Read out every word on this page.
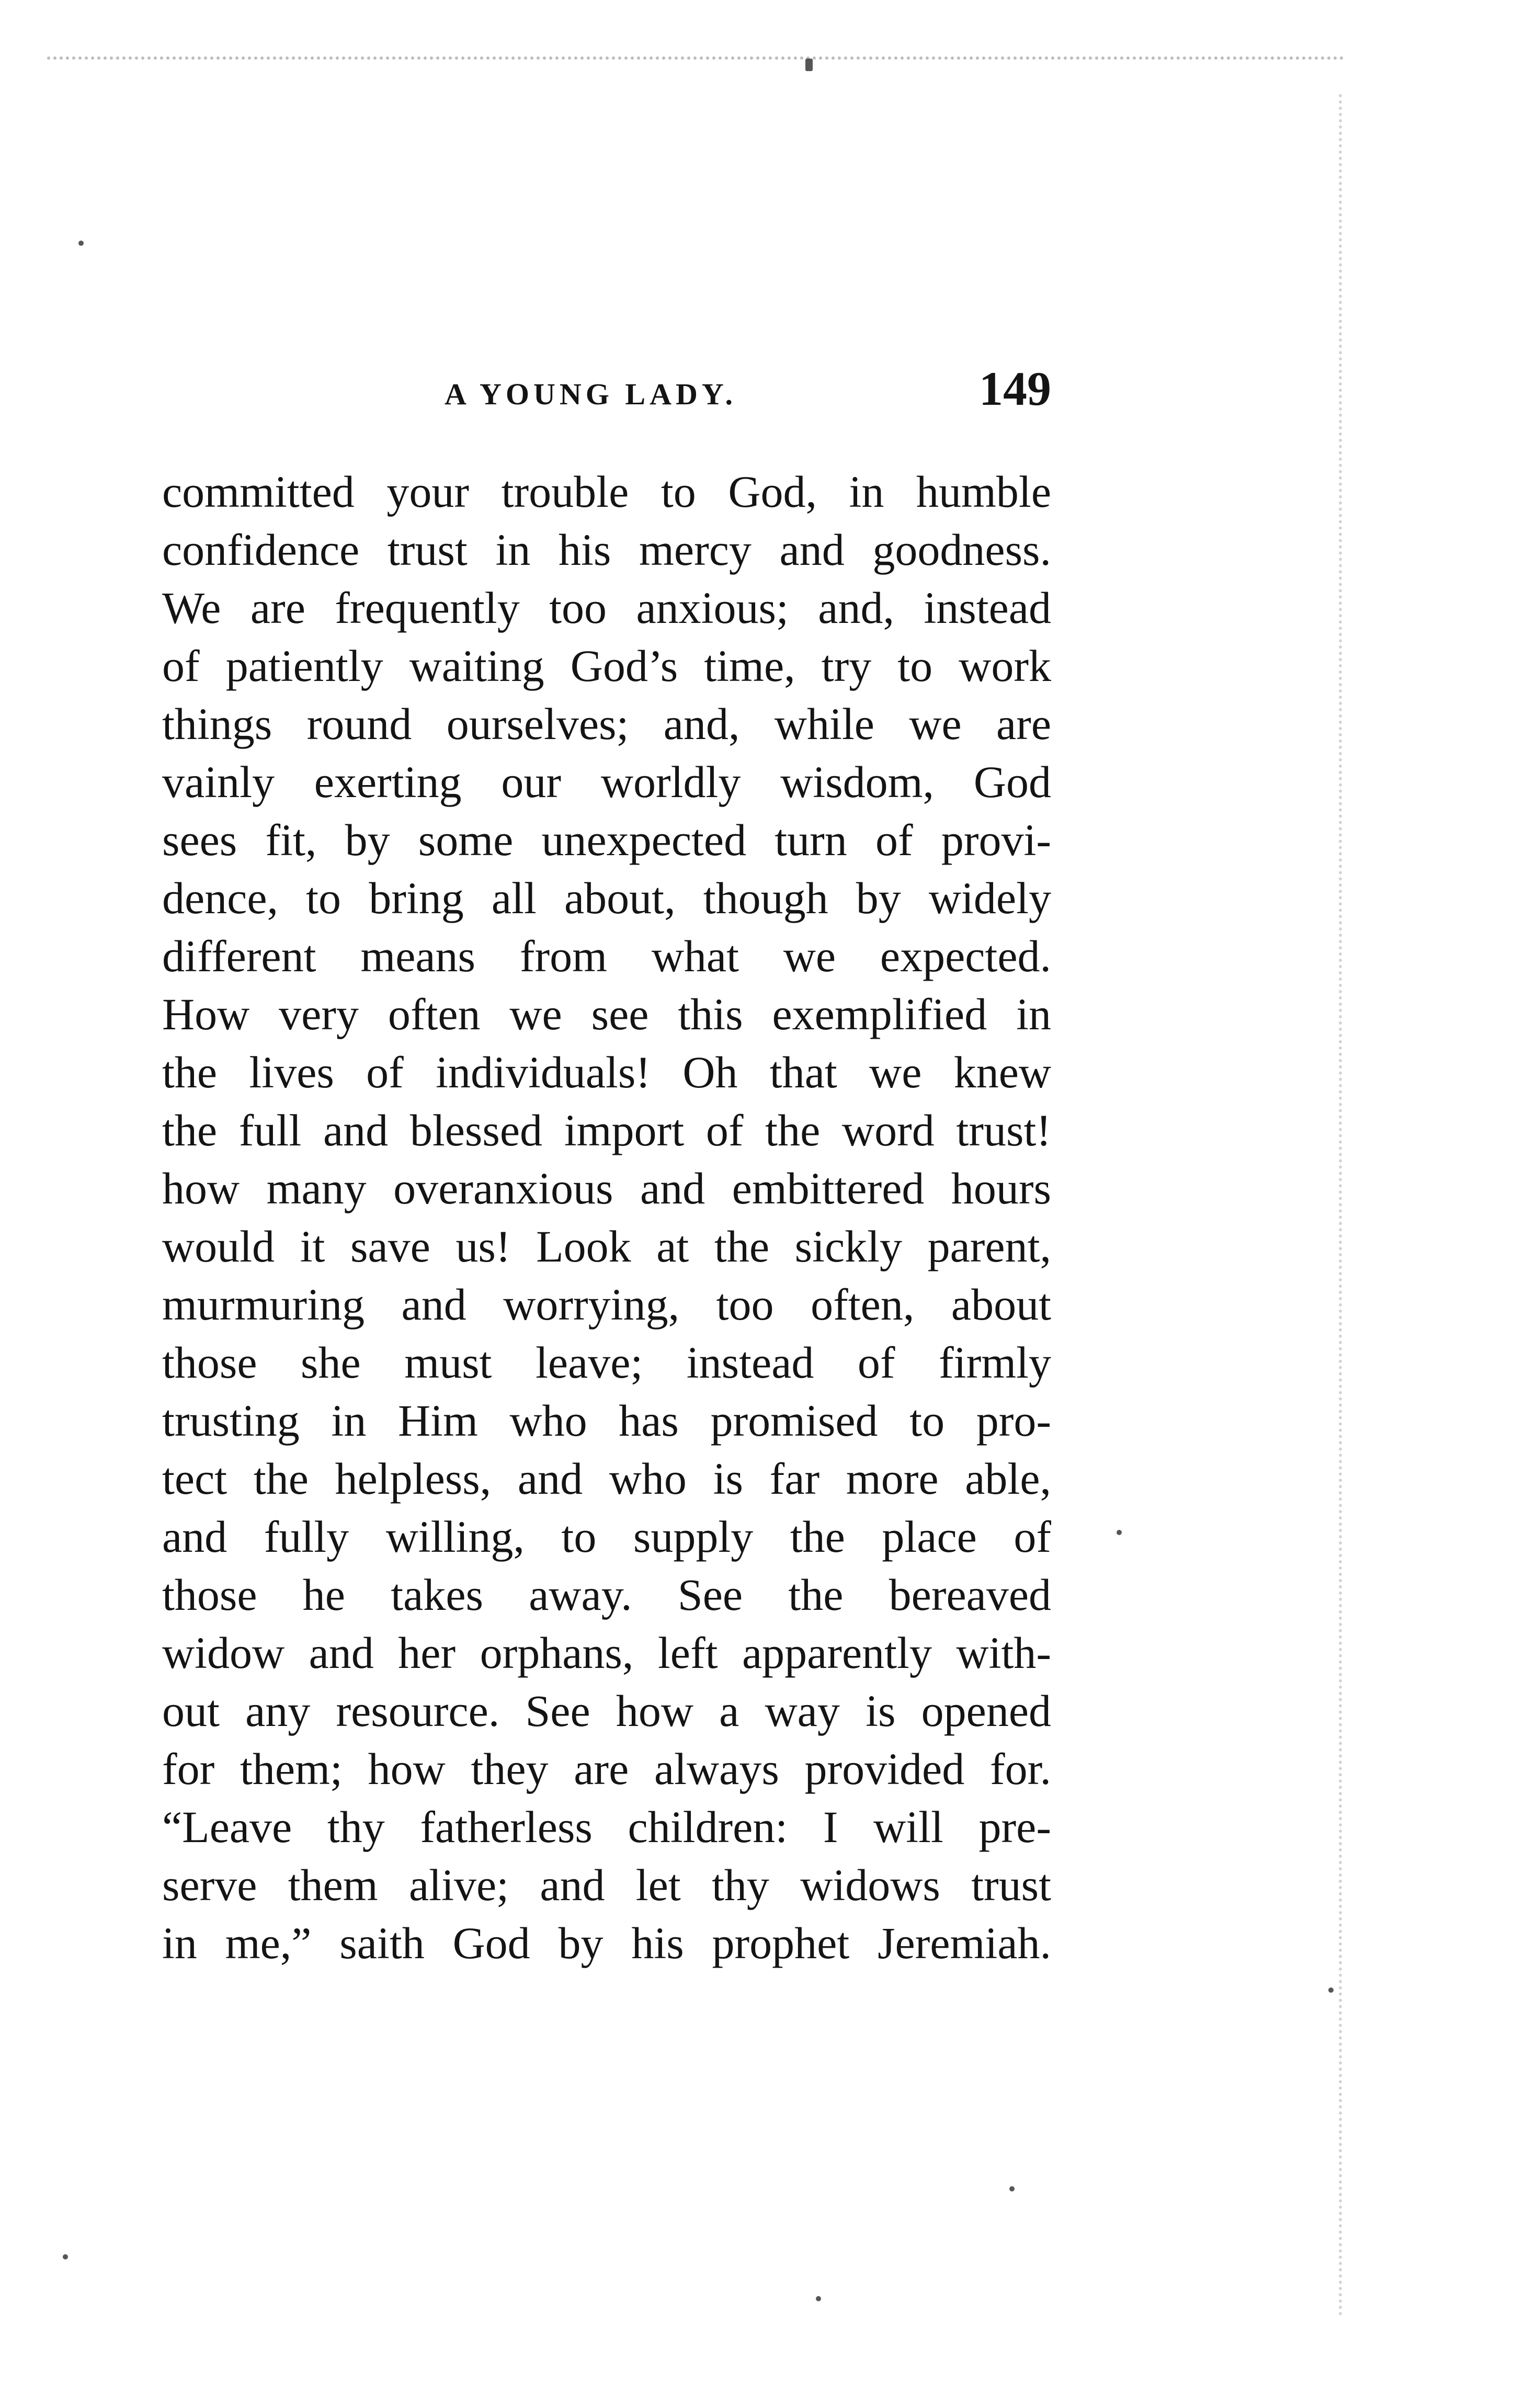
A YOUNG LADY.	149
committed your trouble to God, in humble
confidence trust in his mercy and goodness.
We are frequently too anxious; and, instead
of patiently waiting God’s time, try to work
things round ourselves; and, while we are
vainly exerting our worldly wisdom, God
sees fit, by some unexpected turn of provi-
dence, to bring all about, though by widely
different means from what we expected.
How very often we see this exemplified in
the lives of individuals! Oh that we knew
the full and blessed import of the word trust!
how many overanxious and embittered hours
would it save us! Look at the sickly parent,
murmuring and worrying, too often, about
those she must leave; instead of firmly
trusting in Him who has promised to pro-
tect the helpless, and who is far more able,
and fully willing, to supply the place of
those he takes away. See the bereaved
widow and her orphans, left apparently with-
out any resource. See how a way is opened
for them; how they are always provided for.
“Leave thy fatherless children: I will pre-
serve them alive; and let thy widows trust
in me,” saith God by his prophet Jeremiah.
